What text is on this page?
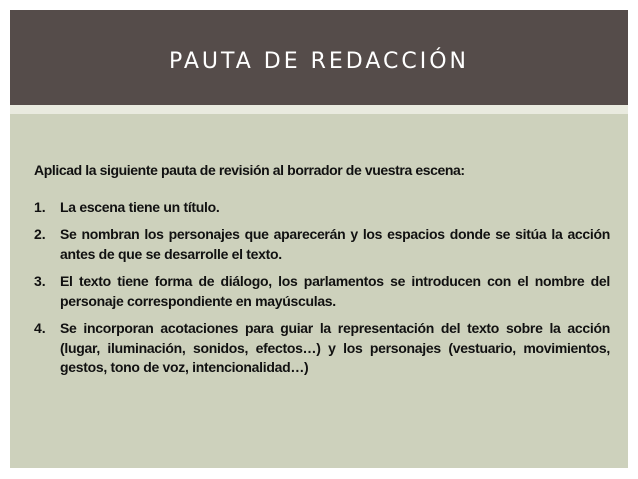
PAUTA DE REDACCIÓN

Aplicad la siguiente pauta de revisión al borrador de vuestra escena:

1.	La escena tiene un título.
2.	Se nombran los personajes que aparecerán y los espacios donde se sitúa la acción antes de que se desarrolle el texto.
3.	El texto tiene forma de diálogo, los parlamentos se introducen con el nombre del personaje correspondiente en mayúsculas.
4.	Se incorporan acotaciones para guiar la representación del texto sobre la acción (lugar, iluminación, sonidos, efectos…) y los personajes (vestuario, movimientos, gestos, tono de voz, intencionalidad…)
